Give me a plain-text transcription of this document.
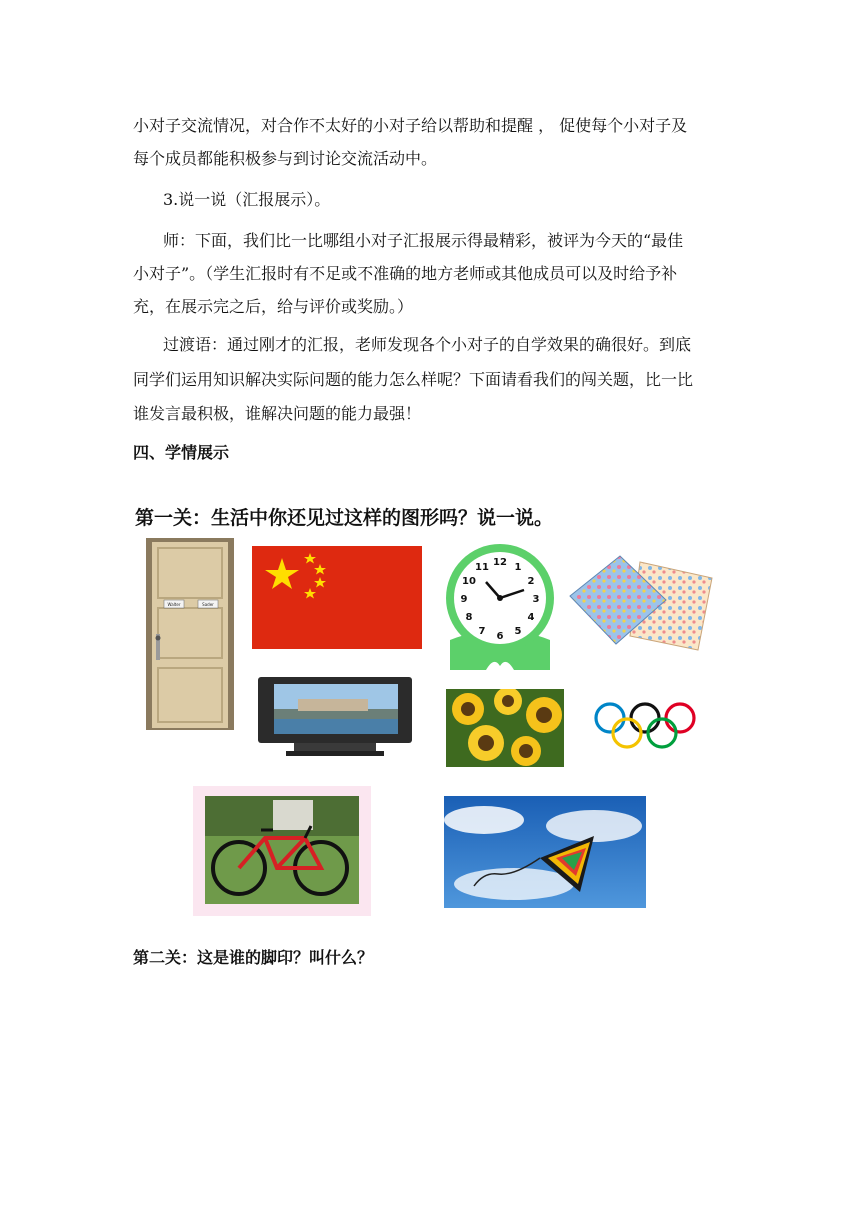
小对子交流情况，对合作不太好的小对子给以帮助和提醒 ， 促使每个小对子及

每个成员都能积极参与到讨论交流活动中。

3.说一说（汇报展示）。

师：下面，我们比一比哪组小对子汇报展示得最精彩，被评为今天的“最佳

小对子”。（学生汇报时有不足或不准确的地方老师或其他成员可以及时给予补

充，在展示完之后，给与评价或奖励。）

过渡语：通过刚才的汇报，老师发现各个小对子的自学效果的确很好。到底

同学们运用知识解决实际问题的能力怎么样呢？下面请看我们的闯关题，比一比

谁发言最积极，谁解决问题的能力最强！

四、学情展示

第一关：生活中你还见过这样的图形吗？说一说。
Walter	Sader
12 1
2
3
4
5
6
7
8
9
10
11

第二关：这是谁的脚印？叫什么？
